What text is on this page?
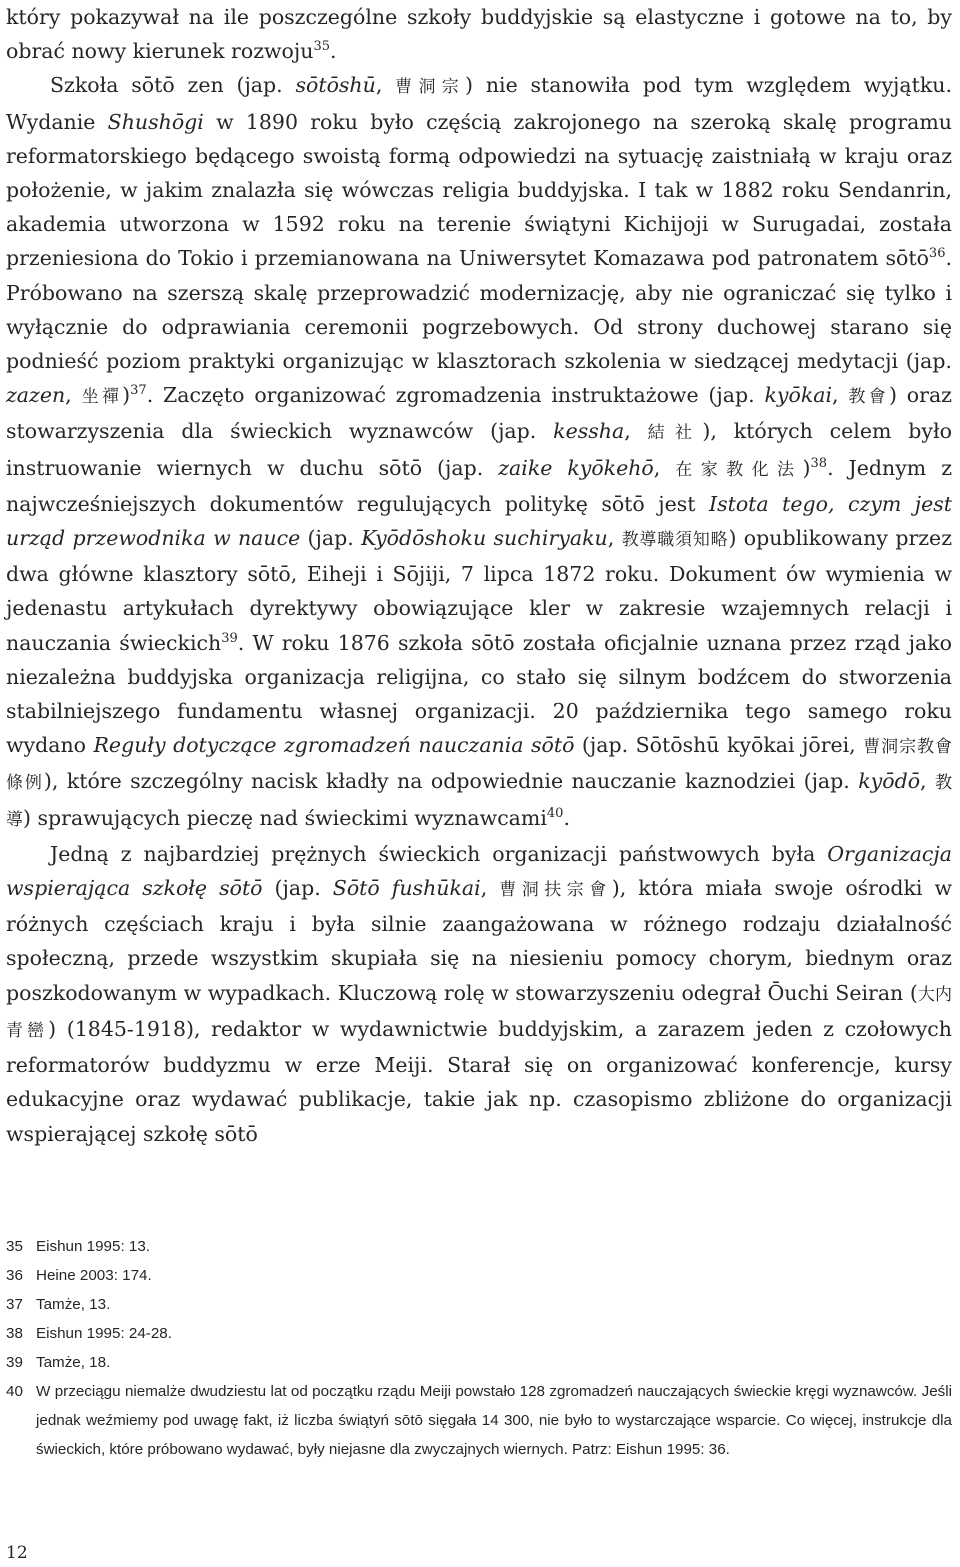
który pokazywał na ile poszczególne szkoły buddyjskie są elastyczne i gotowe na to, by obrać nowy kierunek rozwoju$^{35}$.

Szkoła sōtō zen (jap. sōtōshū, 曹洞宗) nie stanowiła pod tym względem wyjątku. Wydanie Shushōgi w 1890 roku było częścią zakrojonego na szeroką skalę programu reformatorskiego będącego swoistą formą odpowiedzi na sytuację zaistniałą w kraju oraz położenie, w jakim znalazła się wówczas religia buddyjska. I tak w 1882 roku Sendanrin, akademia utworzona w 1592 roku na terenie świątyni Kichijoji w Surugadai, została przeniesiona do Tokio i przemianowana na Uniwersytet Komazawa pod patronatem sōtō$^{36}$. Próbowano na szerszą skalę przeprowadzić modernizację, aby nie ograniczać się tylko i wyłącznie do odprawiania ceremonii pogrzebowych. Od strony duchowej starano się podnieść poziom praktyki organizując w klasztorach szkolenia w siedzącej medytacji (jap. zazen, 坐禪)$^{37}$. Zaczęto organizować zgromadzenia instruktażowe (jap. kyōkai, 教會) oraz stowarzyszenia dla świeckich wyznawców (jap. kessha, 結社), których celem było instruowanie wiernych w duchu sōtō (jap. zaike kyōkehō, 在家教化法)$^{38}$. Jednym z najwcześniejszych dokumentów regulujących politykę sōtō jest Istota tego, czym jest urząd przewodnika w nauce (jap. Kyōdōshoku suchiryaku, 教導職須知略) opublikowany przez dwa główne klasztory sōtō, Eiheji i Sōjiji, 7 lipca 1872 roku. Dokument ów wymienia w jedenastu artykułach dyrektywy obowiązujące kler w zakresie wzajemnych relacji i nauczania świeckich$^{39}$. W roku 1876 szkoła sōtō została oficjalnie uznana przez rząd jako niezależna buddyjska organizacja religijna, co stało się silnym bodźcem do stworzenia stabilniejszego fundamentu własnej organizacji. 20 października tego samego roku wydano Reguły dotyczące zgromadzeń nauczania sōtō (jap. Sōtōshū kyōkai jōrei, 曹洞宗教會條例), które szczególny nacisk kładły na odpowiednie nauczanie kaznodziei (jap. kyōdō, 教導) sprawujących pieczę nad świeckimi wyznawcami$^{40}$.

Jedną z najbardziej prężnych świeckich organizacji państwowych była Organizacja wspierająca szkołę sōtō (jap. Sōtō fushūkai, 曹洞扶宗會), która miała swoje ośrodki w różnych częściach kraju i była silnie zaangażowana w różnego rodzaju działalność społeczną, przede wszystkim skupiała się na niesieniu pomocy chorym, biednym oraz poszkodowanym w wypadkach. Kluczową rolę w stowarzyszeniu odegrał Ōuchi Seiran (大内青巒) (1845-1918), redaktor w wydawnictwie buddyjskim, a zarazem jeden z czołowych reformatorów buddyzmu w erze Meiji. Starał się on organizować konferencje, kursy edukacyjne oraz wydawać publikacje, takie jak np. czasopismo zbliżone do organizacji wspierającej szkołę sōtō

35 Eishun 1995: 13.
36 Heine 2003: 174.
37 Tamże, 13.
38 Eishun 1995: 24-28.
39 Tamże, 18.
40 W przeciągu niemalże dwudziestu lat od początku rządu Meiji powstało 128 zgromadzeń nauczających świeckie kręgi wyznawców. Jeśli jednak weźmiemy pod uwagę fakt, iż liczba świątyń sōtō sięgała 14 300, nie było to wystarczające wsparcie. Co więcej, instrukcje dla świeckich, które próbowano wydawać, były niejasne dla zwyczajnych wiernych. Patrz: Eishun 1995: 36.
12
